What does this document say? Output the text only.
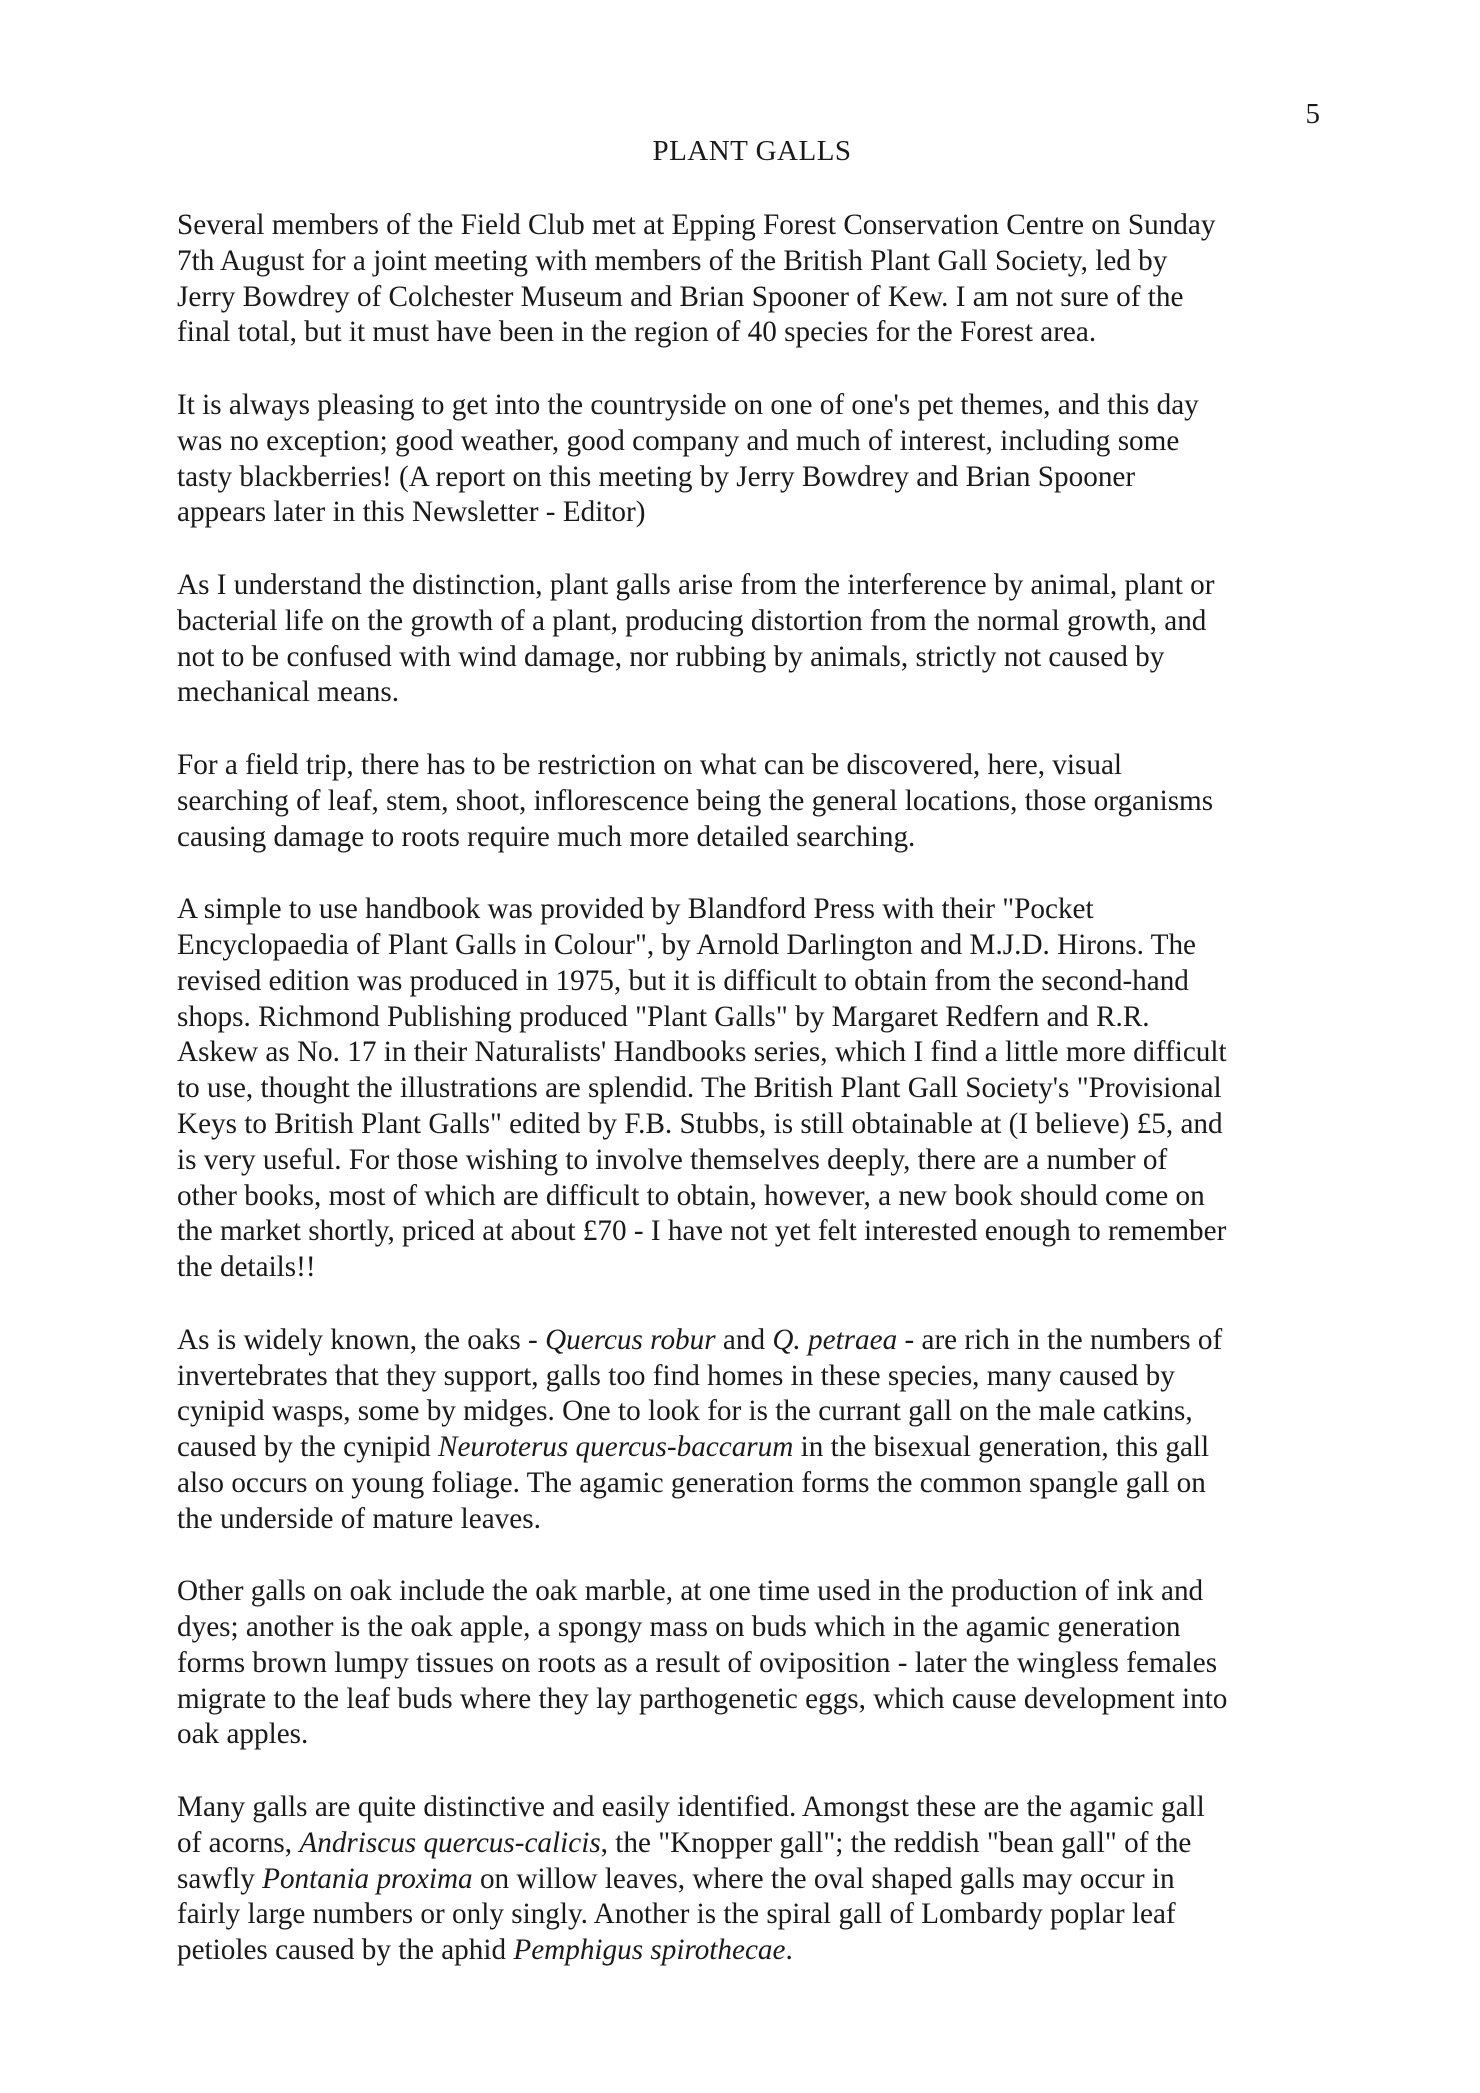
5
PLANT GALLS
Several members of the Field Club met at Epping Forest Conservation Centre on Sunday
7th August for a joint meeting with members of the British Plant Gall Society, led by
Jerry Bowdrey of Colchester Museum and Brian Spooner of Kew. I am not sure of the
final total, but it must have been in the region of 40 species for the Forest area.
It is always pleasing to get into the countryside on one of one's pet themes, and this day
was no exception; good weather, good company and much of interest, including some
tasty blackberries! (A report on this meeting by Jerry Bowdrey and Brian Spooner
appears later in this Newsletter - Editor)
As I understand the distinction, plant galls arise from the interference by animal, plant or
bacterial life on the growth of a plant, producing distortion from the normal growth, and
not to be confused with wind damage, nor rubbing by animals, strictly not caused by
mechanical means.
For a field trip, there has to be restriction on what can be discovered, here, visual
searching of leaf, stem, shoot, inflorescence being the general locations, those organisms
causing damage to roots require much more detailed searching.
A simple to use handbook was provided by Blandford Press with their "Pocket
Encyclopaedia of Plant Galls in Colour", by Arnold Darlington and M.J.D. Hirons. The
revised edition was produced in 1975, but it is difficult to obtain from the second-hand
shops. Richmond Publishing produced "Plant Galls" by Margaret Redfern and R.R.
Askew as No. 17 in their Naturalists' Handbooks series, which I find a little more difficult
to use, thought the illustrations are splendid. The British Plant Gall Society's "Provisional
Keys to British Plant Galls" edited by F.B. Stubbs, is still obtainable at (I believe) £5, and
is very useful. For those wishing to involve themselves deeply, there are a number of
other books, most of which are difficult to obtain, however, a new book should come on
the market shortly, priced at about £70 - I have not yet felt interested enough to remember
the details!!
As is widely known, the oaks - Quercus robur and Q. petraea - are rich in the numbers of
invertebrates that they support, galls too find homes in these species, many caused by
cynipid wasps, some by midges. One to look for is the currant gall on the male catkins,
caused by the cynipid Neuroterus quercus-baccarum in the bisexual generation, this gall
also occurs on young foliage. The agamic generation forms the common spangle gall on
the underside of mature leaves.
Other galls on oak include the oak marble, at one time used in the production of ink and
dyes; another is the oak apple, a spongy mass on buds which in the agamic generation
forms brown lumpy tissues on roots as a result of oviposition - later the wingless females
migrate to the leaf buds where they lay parthogenetic eggs, which cause development into
oak apples.
Many galls are quite distinctive and easily identified. Amongst these are the agamic gall
of acorns, Andriscus quercus-calicis, the "Knopper gall"; the reddish "bean gall" of the
sawfly Pontania proxima on willow leaves, where the oval shaped galls may occur in
fairly large numbers or only singly. Another is the spiral gall of Lombardy poplar leaf
petioles caused by the aphid Pemphigus spirothecae.
